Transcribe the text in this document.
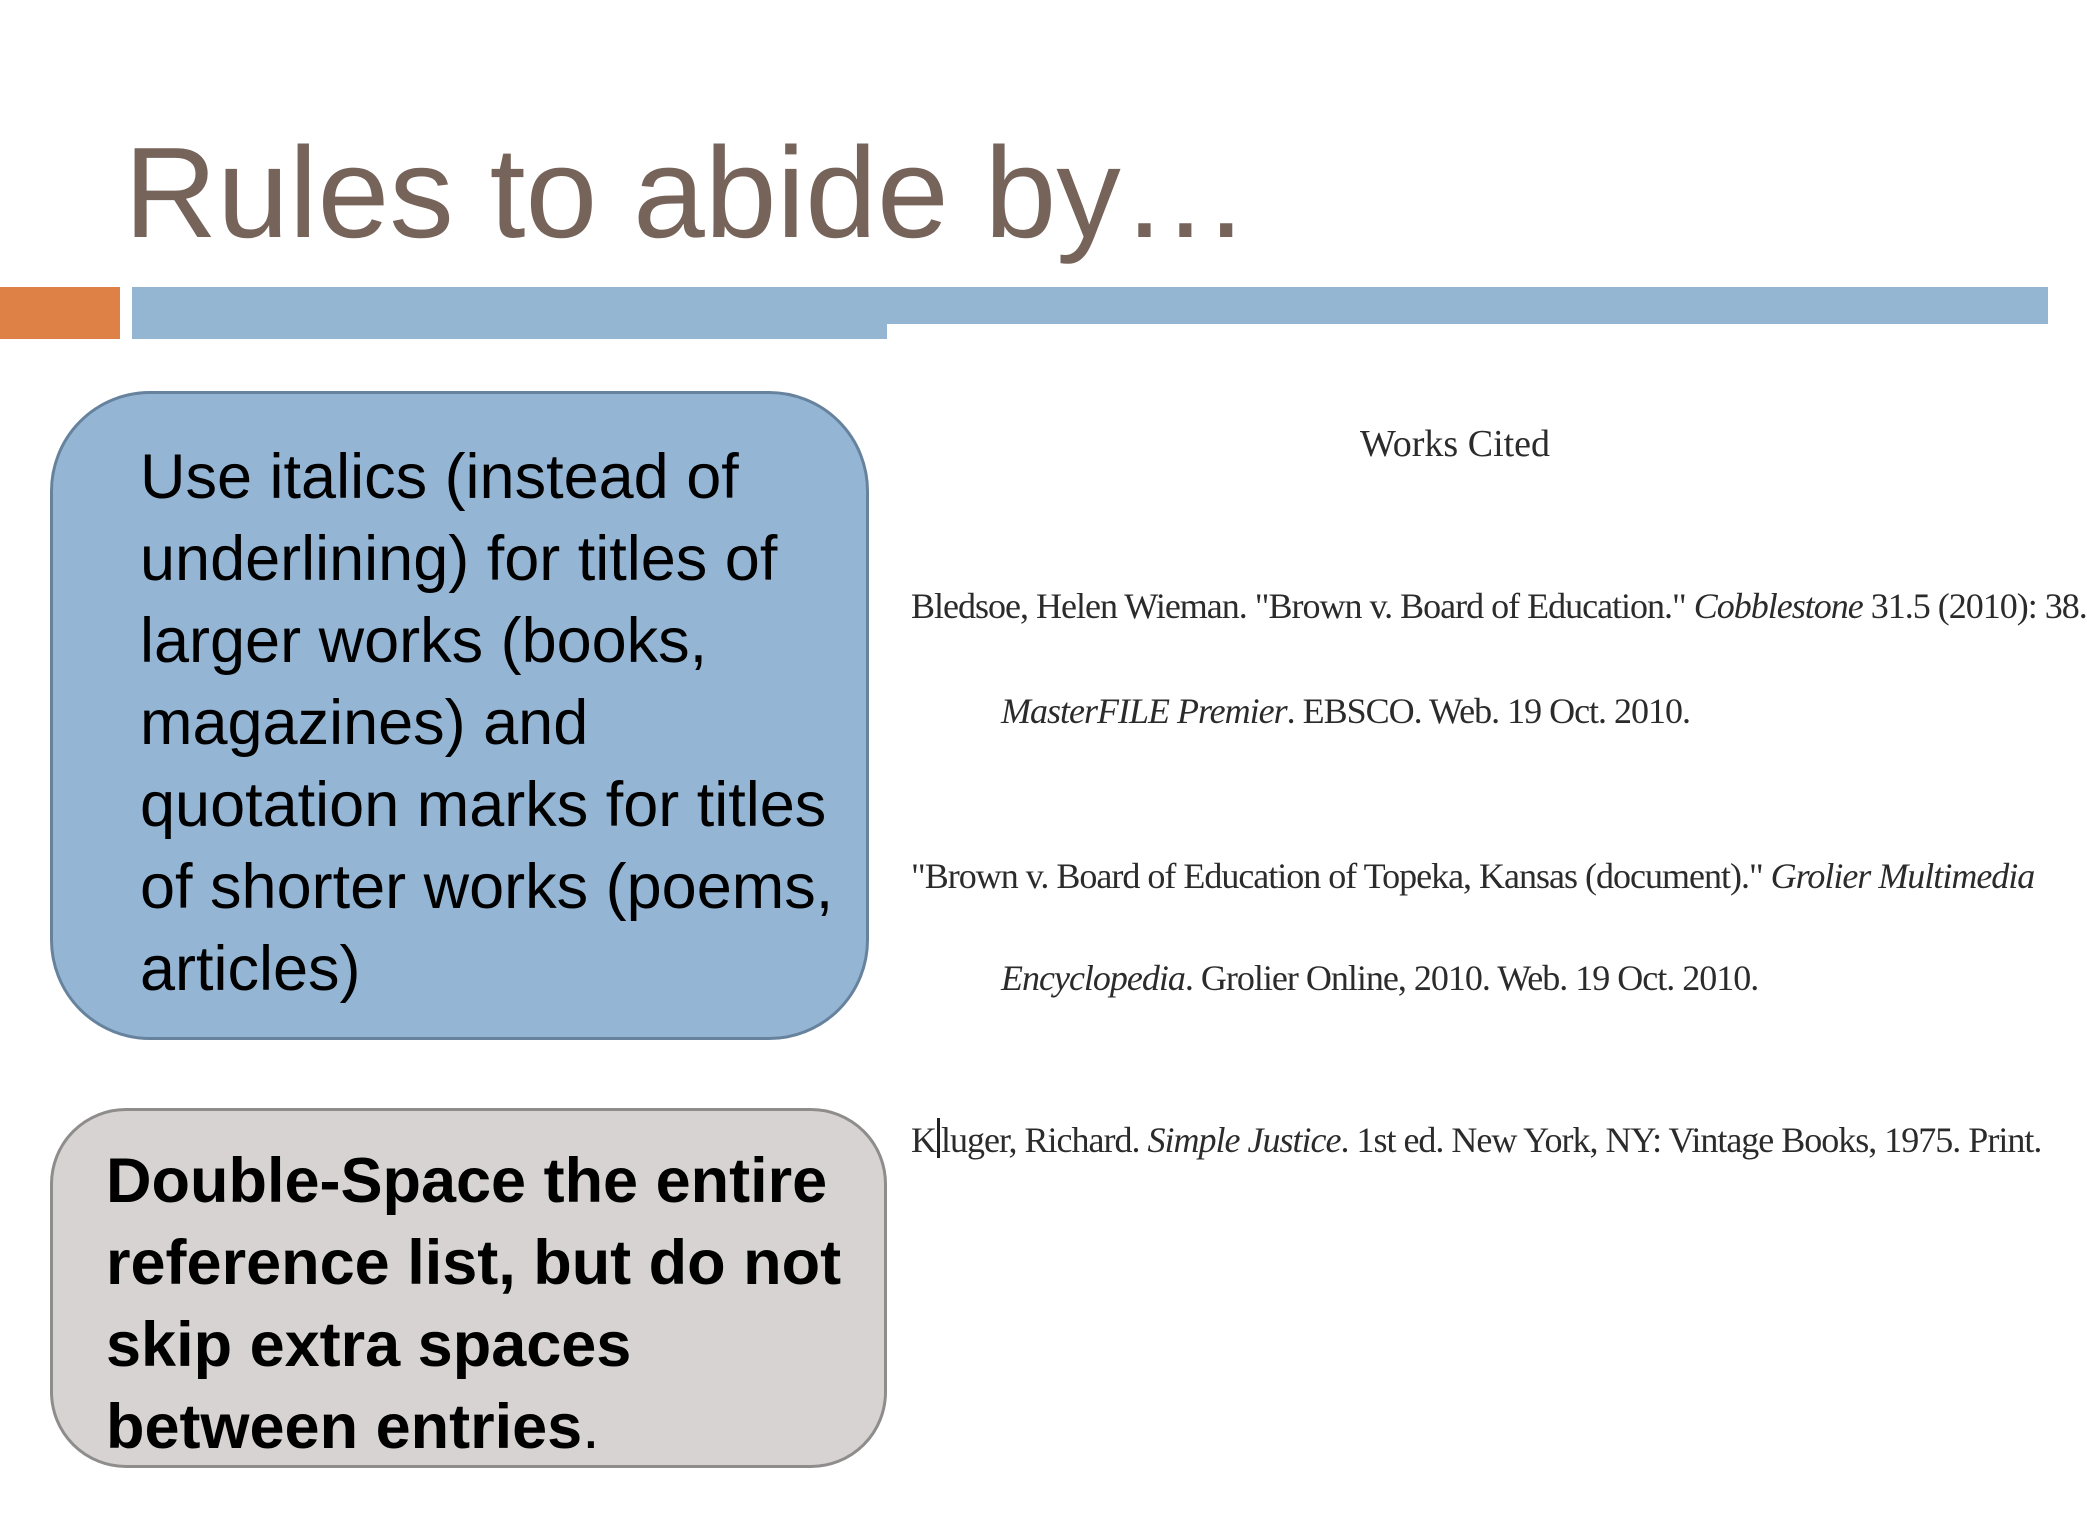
Rules to abide by…
Use italics (instead of underlining) for titles of larger works (books, magazines) and quotation marks for titles of shorter works (poems, articles)
Double-Space the entire reference list, but do not skip extra spaces between entries.
Works Cited
Bledsoe, Helen Wieman. "Brown v. Board of Education." Cobblestone 31.5 (2010): 38.
MasterFILE Premier. EBSCO. Web. 19 Oct. 2010.
"Brown v. Board of Education of Topeka, Kansas (document)." Grolier Multimedia
Encyclopedia. Grolier Online, 2010. Web. 19 Oct. 2010.
K luger, Richard. Simple Justice. 1st ed. New York, NY: Vintage Books, 1975. Print.
